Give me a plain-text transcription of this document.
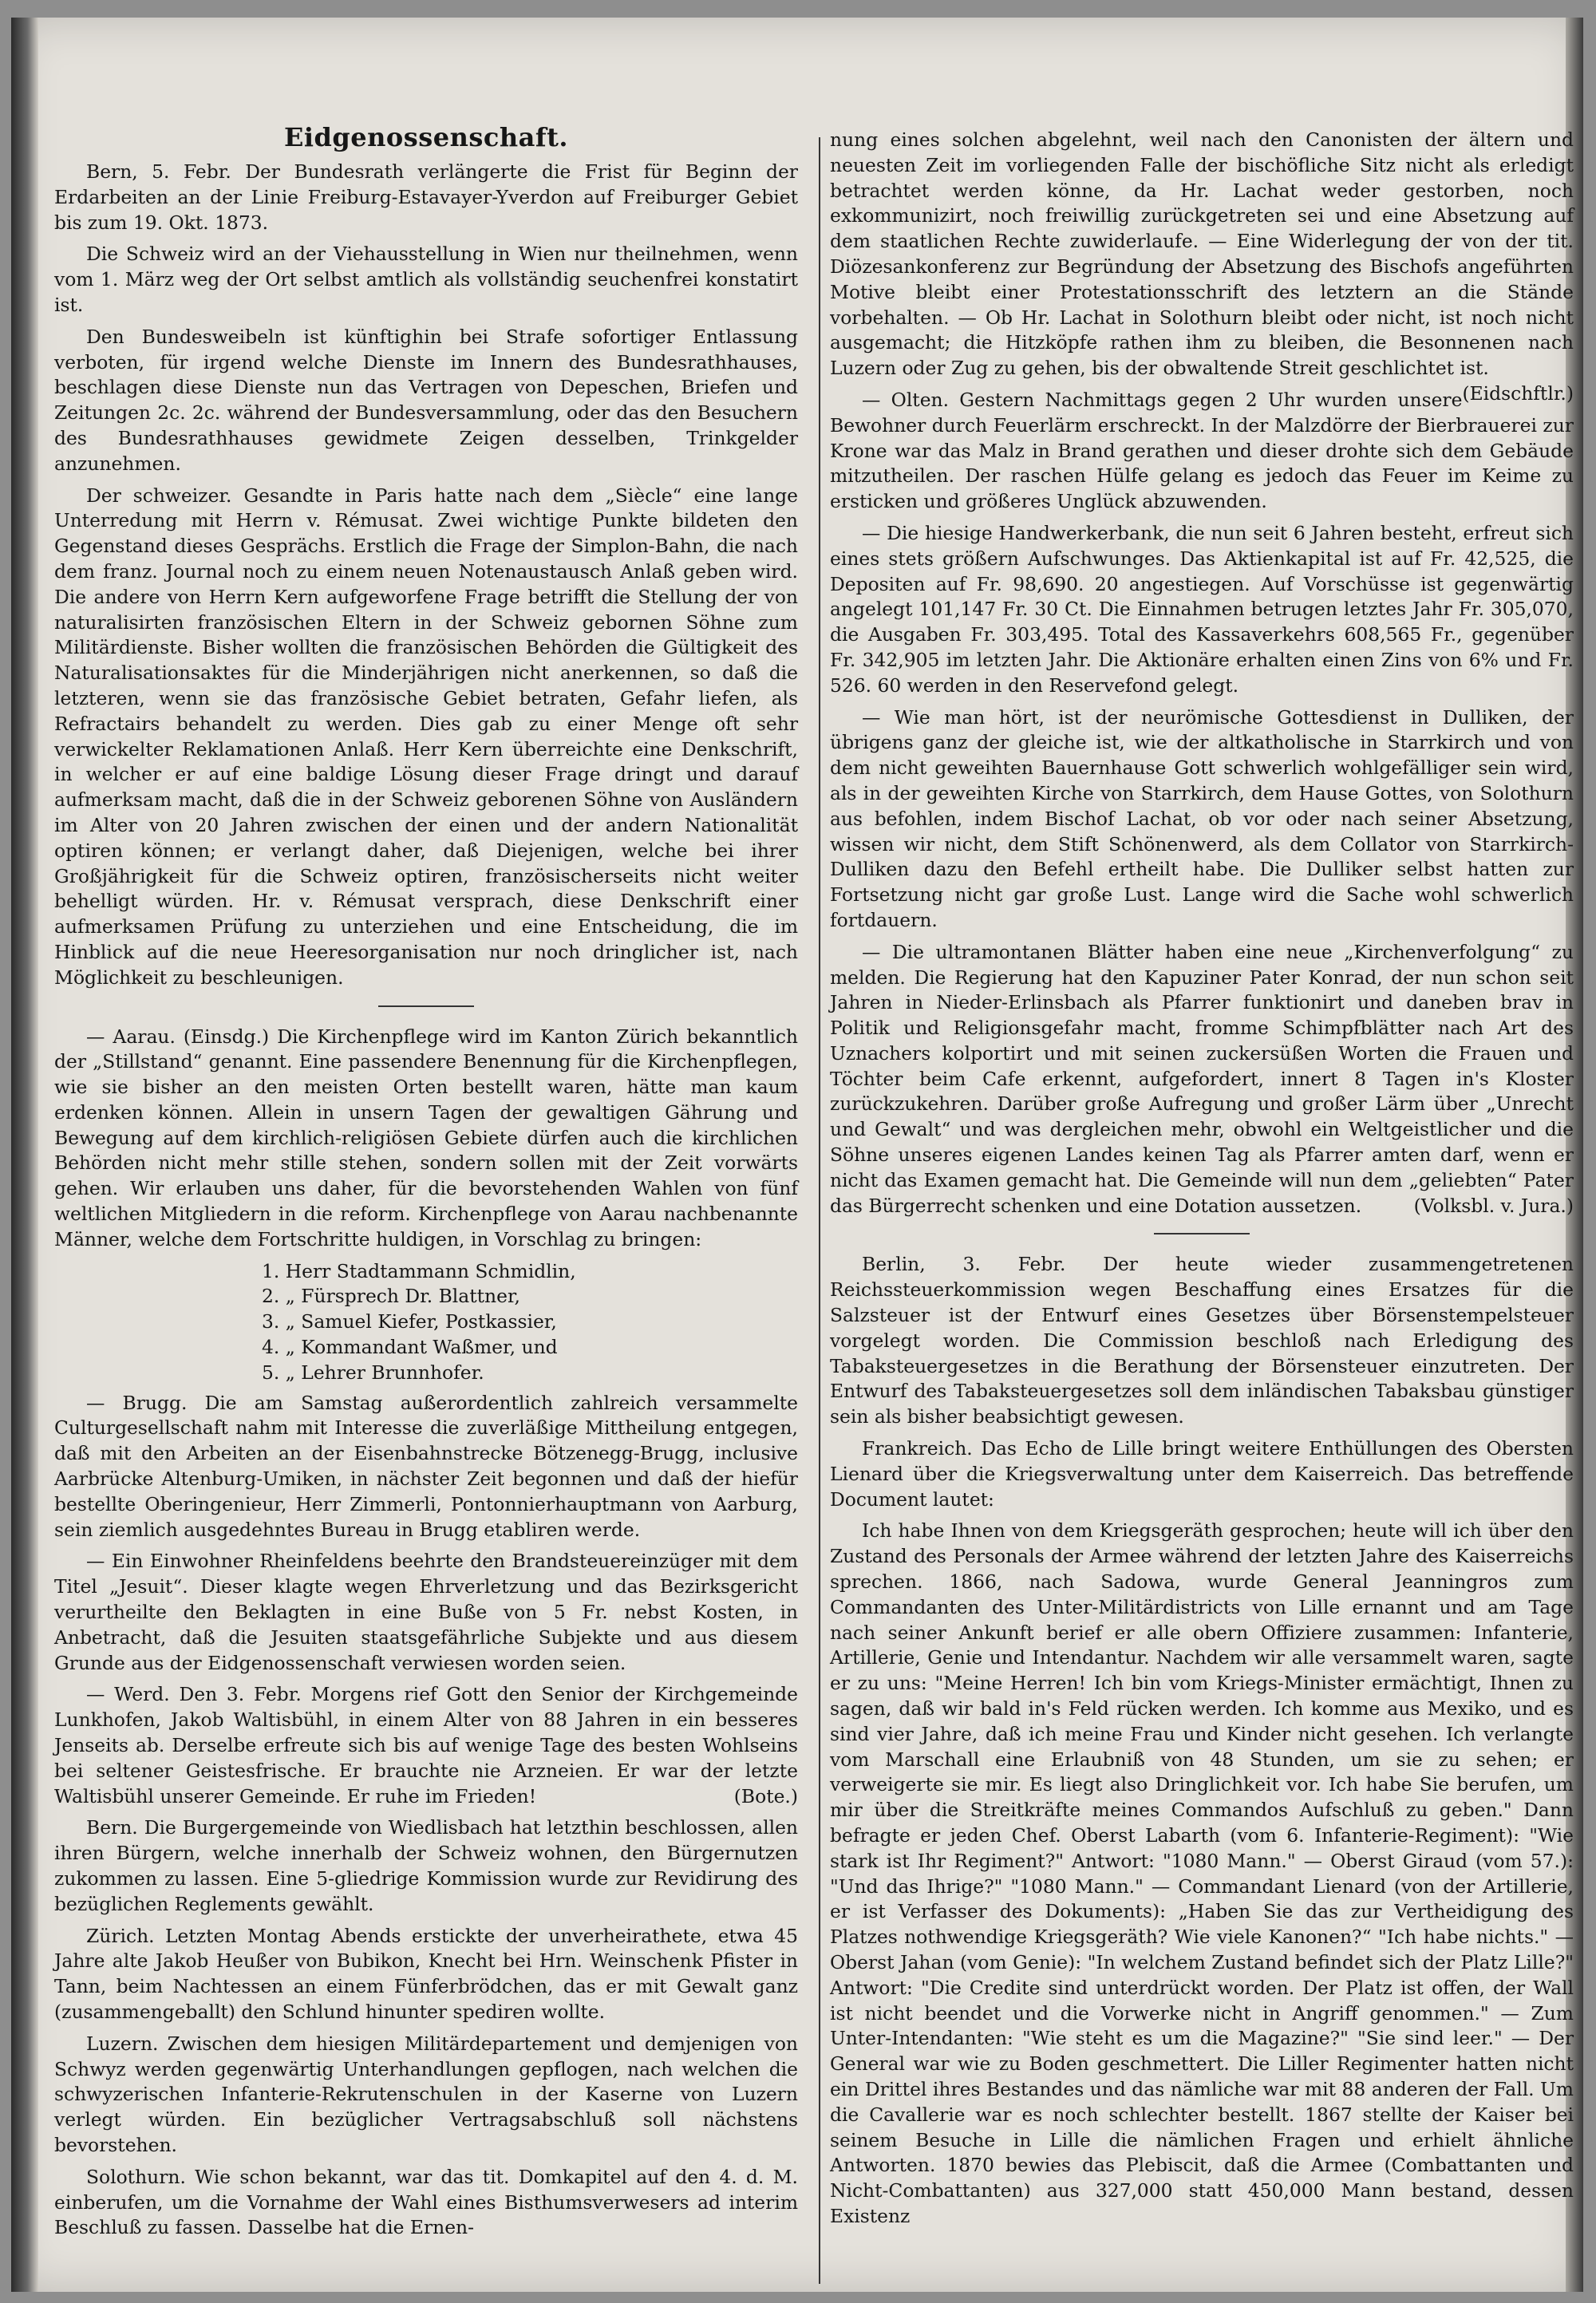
Eidgenossenschaft.

Bern, 5. Febr. Der Bundesrath verlängerte die Frist für Beginn der Erdarbeiten an der Linie Freiburg-Estavayer-Yverdon auf Freiburger Gebiet bis zum 19. Okt. 1873.

Die Schweiz wird an der Viehausstellung in Wien nur theilnehmen, wenn vom 1. März weg der Ort selbst amtlich als vollständig seuchenfrei konstatirt ist.

Den Bundesweibeln ist künftighin bei Strafe sofortiger Entlassung verboten, für irgend welche Dienste im Innern des Bundesrathhauses, beschlagen diese Dienste nun das Vertragen von Depeschen, Briefen und Zeitungen 2c. 2c. während der Bundesversammlung, oder das den Besuchern des Bundesrathhauses gewidmete Zeigen desselben, Trinkgelder anzunehmen.

Der schweizer. Gesandte in Paris hatte nach dem „Siècle“ eine lange Unterredung mit Herrn v. Rémusat. Zwei wichtige Punkte bildeten den Gegenstand dieses Gesprächs. Erstlich die Frage der Simplon-Bahn, die nach dem franz. Journal noch zu einem neuen Notenaustausch Anlaß geben wird. Die andere von Herrn Kern aufgeworfene Frage betrifft die Stellung der von naturalisirten französischen Eltern in der Schweiz gebornen Söhne zum Militärdienste. Bisher wollten die französischen Behörden die Gültigkeit des Naturalisationsaktes für die Minderjährigen nicht anerkennen, so daß die letzteren, wenn sie das französische Gebiet betraten, Gefahr liefen, als Refractairs behandelt zu werden. Dies gab zu einer Menge oft sehr verwickelter Reklamationen Anlaß. Herr Kern überreichte eine Denkschrift, in welcher er auf eine baldige Lösung dieser Frage dringt und darauf aufmerksam macht, daß die in der Schweiz geborenen Söhne von Ausländern im Alter von 20 Jahren zwischen der einen und der andern Nationalität optiren können; er verlangt daher, daß Diejenigen, welche bei ihrer Großjährigkeit für die Schweiz optiren, französischerseits nicht weiter behelligt würden. Hr. v. Rémusat versprach, diese Denkschrift einer aufmerksamen Prüfung zu unterziehen und eine Entscheidung, die im Hinblick auf die neue Heeresorganisation nur noch dringlicher ist, nach Möglichkeit zu beschleunigen.

— Aarau. (Einsdg.) Die Kirchenpflege wird im Kanton Zürich bekanntlich der „Stillstand“ genannt. Eine passendere Benennung für die Kirchenpflegen, wie sie bisher an den meisten Orten bestellt waren, hätte man kaum erdenken können. Allein in unsern Tagen der gewaltigen Gährung und Bewegung auf dem kirchlich-religiösen Gebiete dürfen auch die kirchlichen Behörden nicht mehr stille stehen, sondern sollen mit der Zeit vorwärts gehen. Wir erlauben uns daher, für die bevorstehenden Wahlen von fünf weltlichen Mitgliedern in die reform. Kirchenpflege von Aarau nachbenannte Männer, welche dem Fortschritte huldigen, in Vorschlag zu bringen:

1. Herr Stadtammann Schmidlin,
2. „ Fürsprech Dr. Blattner,
3. „ Samuel Kiefer, Postkassier,
4. „ Kommandant Waßmer, und
5. „ Lehrer Brunnhofer.

— Brugg. Die am Samstag außerordentlich zahlreich versammelte Culturgesellschaft nahm mit Interesse die zuverläßige Mittheilung entgegen, daß mit den Arbeiten an der Eisenbahnstrecke Bötzenegg-Brugg, inclusive Aarbrücke Altenburg-Umiken, in nächster Zeit begonnen und daß der hiefür bestellte Oberingenieur, Herr Zimmerli, Pontonnierhauptmann von Aarburg, sein ziemlich ausgedehntes Bureau in Brugg etabliren werde.

— Ein Einwohner Rheinfeldens beehrte den Brandsteuereinzüger mit dem Titel „Jesuit“. Dieser klagte wegen Ehrverletzung und das Bezirksgericht verurtheilte den Beklagten in eine Buße von 5 Fr. nebst Kosten, in Anbetracht, daß die Jesuiten staatsgefährliche Subjekte und aus diesem Grunde aus der Eidgenossenschaft verwiesen worden seien.

— Werd. Den 3. Febr. Morgens rief Gott den Senior der Kirchgemeinde Lunkhofen, Jakob Waltisbühl, in einem Alter von 88 Jahren in ein besseres Jenseits ab. Derselbe erfreute sich bis auf wenige Tage des besten Wohlseins bei seltener Geistesfrische. Er brauchte nie Arzneien. Er war der letzte Waltisbühl unserer Gemeinde. Er ruhe im Frieden!	(Bote.)

Bern. Die Burgergemeinde von Wiedlisbach hat letzthin beschlossen, allen ihren Bürgern, welche innerhalb der Schweiz wohnen, den Bürgernutzen zukommen zu lassen. Eine 5-gliedrige Kommission wurde zur Revidirung des bezüglichen Reglements gewählt.

Zürich. Letzten Montag Abends erstickte der unverheirathete, etwa 45 Jahre alte Jakob Heußer von Bubikon, Knecht bei Hrn. Weinschenk Pfister in Tann, beim Nachtessen an einem Fünferbrödchen, das er mit Gewalt ganz (zusammengeballt) den Schlund hinunter spediren wollte.

Luzern. Zwischen dem hiesigen Militärdepartement und demjenigen von Schwyz werden gegenwärtig Unterhandlungen gepflogen, nach welchen die schwyzerischen Infanterie-Rekrutenschulen in der Kaserne von Luzern verlegt würden. Ein bezüglicher Vertragsabschluß soll nächstens bevorstehen.

Solothurn. Wie schon bekannt, war das tit. Domkapitel auf den 4. d. M. einberufen, um die Vornahme der Wahl eines Bisthumsverwesers ad interim Beschluß zu fassen. Dasselbe hat die Ernen-

nung eines solchen abgelehnt, weil nach den Canonisten der ältern und neuesten Zeit im vorliegenden Falle der bischöfliche Sitz nicht als erledigt betrachtet werden könne, da Hr. Lachat weder gestorben, noch exkommunizirt, noch freiwillig zurückgetreten sei und eine Absetzung auf dem staatlichen Rechte zuwiderlaufe. — Eine Widerlegung der von der tit. Diözesankonferenz zur Begründung der Absetzung des Bischofs angeführten Motive bleibt einer Protestationsschrift des letztern an die Stände vorbehalten. — Ob Hr. Lachat in Solothurn bleibt oder nicht, ist noch nicht ausgemacht; die Hitzköpfe rathen ihm zu bleiben, die Besonnenen nach Luzern oder Zug zu gehen, bis der obwaltende Streit geschlichtet ist.
(Eidschftlr.)

— Olten. Gestern Nachmittags gegen 2 Uhr wurden unsere Bewohner durch Feuerlärm erschreckt. In der Malzdörre der Bierbrauerei zur Krone war das Malz in Brand gerathen und dieser drohte sich dem Gebäude mitzutheilen. Der raschen Hülfe gelang es jedoch das Feuer im Keime zu ersticken und größeres Unglück abzuwenden.

— Die hiesige Handwerkerbank, die nun seit 6 Jahren besteht, erfreut sich eines stets größern Aufschwunges. Das Aktienkapital ist auf Fr. 42,525, die Depositen auf Fr. 98,690. 20 angestiegen. Auf Vorschüsse ist gegenwärtig angelegt 101,147 Fr. 30 Ct. Die Einnahmen betrugen letztes Jahr Fr. 305,070, die Ausgaben Fr. 303,495. Total des Kassaverkehrs 608,565 Fr., gegenüber Fr. 342,905 im letzten Jahr. Die Aktionäre erhalten einen Zins von 6% und Fr. 526. 60 werden in den Reservefond gelegt.

— Wie man hört, ist der neurömische Gottesdienst in Dulliken, der übrigens ganz der gleiche ist, wie der altkatholische in Starrkirch und von dem nicht geweihten Bauernhause Gott schwerlich wohlgefälliger sein wird, als in der geweihten Kirche von Starrkirch, dem Hause Gottes, von Solothurn aus befohlen, indem Bischof Lachat, ob vor oder nach seiner Absetzung, wissen wir nicht, dem Stift Schönenwerd, als dem Collator von Starrkirch-Dulliken dazu den Befehl ertheilt habe. Die Dulliker selbst hatten zur Fortsetzung nicht gar große Lust. Lange wird die Sache wohl schwerlich fortdauern.

— Die ultramontanen Blätter haben eine neue „Kirchenverfolgung“ zu melden. Die Regierung hat den Kapuziner Pater Konrad, der nun schon seit Jahren in Nieder-Erlinsbach als Pfarrer funktionirt und daneben brav in Politik und Religionsgefahr macht, fromme Schimpfblätter nach Art des Uznachers kolportirt und mit seinen zuckersüßen Worten die Frauen und Töchter beim Cafe erkennt, aufgefordert, innert 8 Tagen in's Kloster zurückzukehren. Darüber große Aufregung und großer Lärm über „Unrecht und Gewalt“ und was dergleichen mehr, obwohl ein Weltgeistlicher und die Söhne unseres eigenen Landes keinen Tag als Pfarrer amten darf, wenn er nicht das Examen gemacht hat. Die Gemeinde will nun dem „geliebten“ Pater das Bürgerrecht schenken und eine Dotation aussetzen.	(Volksbl. v. Jura.)

Berlin, 3. Febr. Der heute wieder zusammengetretenen Reichssteuerkommission wegen Beschaffung eines Ersatzes für die Salzsteuer ist der Entwurf eines Gesetzes über Börsenstempelsteuer vorgelegt worden. Die Commission beschloß nach Erledigung des Tabaksteuergesetzes in die Berathung der Börsensteuer einzutreten. Der Entwurf des Tabaksteuergesetzes soll dem inländischen Tabaksbau günstiger sein als bisher beabsichtigt gewesen.

Frankreich. Das Echo de Lille bringt weitere Enthüllungen des Obersten Lienard über die Kriegsverwaltung unter dem Kaiserreich. Das betreffende Document lautet:

Ich habe Ihnen von dem Kriegsgeräth gesprochen; heute will ich über den Zustand des Personals der Armee während der letzten Jahre des Kaiserreichs sprechen. 1866, nach Sadowa, wurde General Jeanningros zum Commandanten des Unter-Militärdistricts von Lille ernannt und am Tage nach seiner Ankunft berief er alle obern Offiziere zusammen: Infanterie, Artillerie, Genie und Intendantur. Nachdem wir alle versammelt waren, sagte er zu uns: "Meine Herren! Ich bin vom Kriegs-Minister ermächtigt, Ihnen zu sagen, daß wir bald in's Feld rücken werden. Ich komme aus Mexiko, und es sind vier Jahre, daß ich meine Frau und Kinder nicht gesehen. Ich verlangte vom Marschall eine Erlaubniß von 48 Stunden, um sie zu sehen; er verweigerte sie mir. Es liegt also Dringlichkeit vor. Ich habe Sie berufen, um mir über die Streitkräfte meines Commandos Aufschluß zu geben." Dann befragte er jeden Chef. Oberst Labarth (vom 6. Infanterie-Regiment): "Wie stark ist Ihr Regiment?" Antwort: "1080 Mann." — Oberst Giraud (vom 57.): "Und das Ihrige?" "1080 Mann." — Commandant Lienard (von der Artillerie, er ist Verfasser des Dokuments): „Haben Sie das zur Vertheidigung des Platzes nothwendige Kriegsgeräth? Wie viele Kanonen?“ "Ich habe nichts." — Oberst Jahan (vom Genie): "In welchem Zustand befindet sich der Platz Lille?" Antwort: "Die Credite sind unterdrückt worden. Der Platz ist offen, der Wall ist nicht beendet und die Vorwerke nicht in Angriff genommen." — Zum Unter-Intendanten: "Wie steht es um die Magazine?" "Sie sind leer." — Der General war wie zu Boden geschmettert. Die Liller Regimenter hatten nicht ein Drittel ihres Bestandes und das nämliche war mit 88 anderen der Fall. Um die Cavallerie war es noch schlechter bestellt. 1867 stellte der Kaiser bei seinem Besuche in Lille die nämlichen Fragen und erhielt ähnliche Antworten. 1870 bewies das Plebiscit, daß die Armee (Combattanten und Nicht-Combattanten) aus 327,000 statt 450,000 Mann bestand, dessen Existenz
